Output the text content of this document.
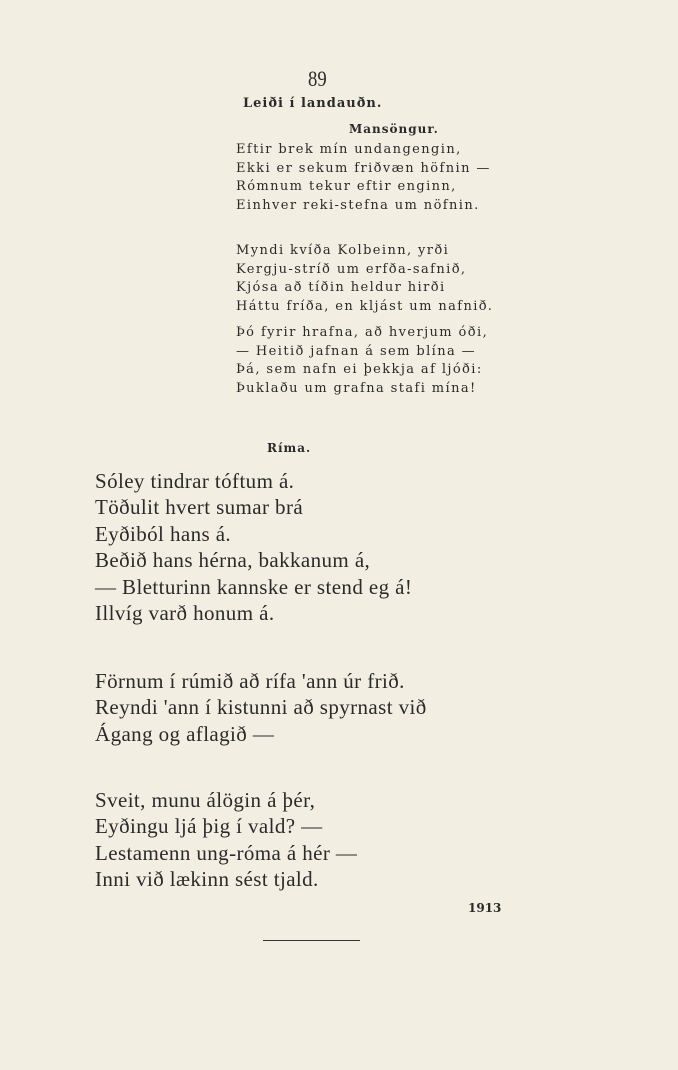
89
Leiði í landauðn.
Mansöngur.
Eftir brek mín undangengin,
Ekki er sekum friðvæn höfnin —
Rómnum tekur eftir enginn,
Einhver reki-stefna um nöfnin.
Myndi kvíða Kolbeinn, yrði
Kergju-stríð um erfða-safnið,
Kjósa að tíðin heldur hirði
Háttu fríða, en kljást um nafnið.
Þó fyrir hrafna, að hverjum óði,
— Heitið jafnan á sem blína —
Þá, sem nafn ei þekkja af ljóði:
Þuklaðu um grafna stafi mína!
Ríma.
Sóley tindrar tóftum á.
Töðulit hvert sumar brá
Eyðiból hans á.
Beðið hans hérna, bakkanum á,
— Bletturinn kannske er stend eg á!
Illvíg varð honum á.
Förnum í rúmið að rífa 'ann úr frið.
Reyndi 'ann í kistunni að spyrnast við
Ágang og aflagið —
Sveit, munu álögin á þér,
Eyðingu ljá þig í vald? —
Lestamenn ung-róma á hér —
Inni við lækinn sést tjald.
1913
